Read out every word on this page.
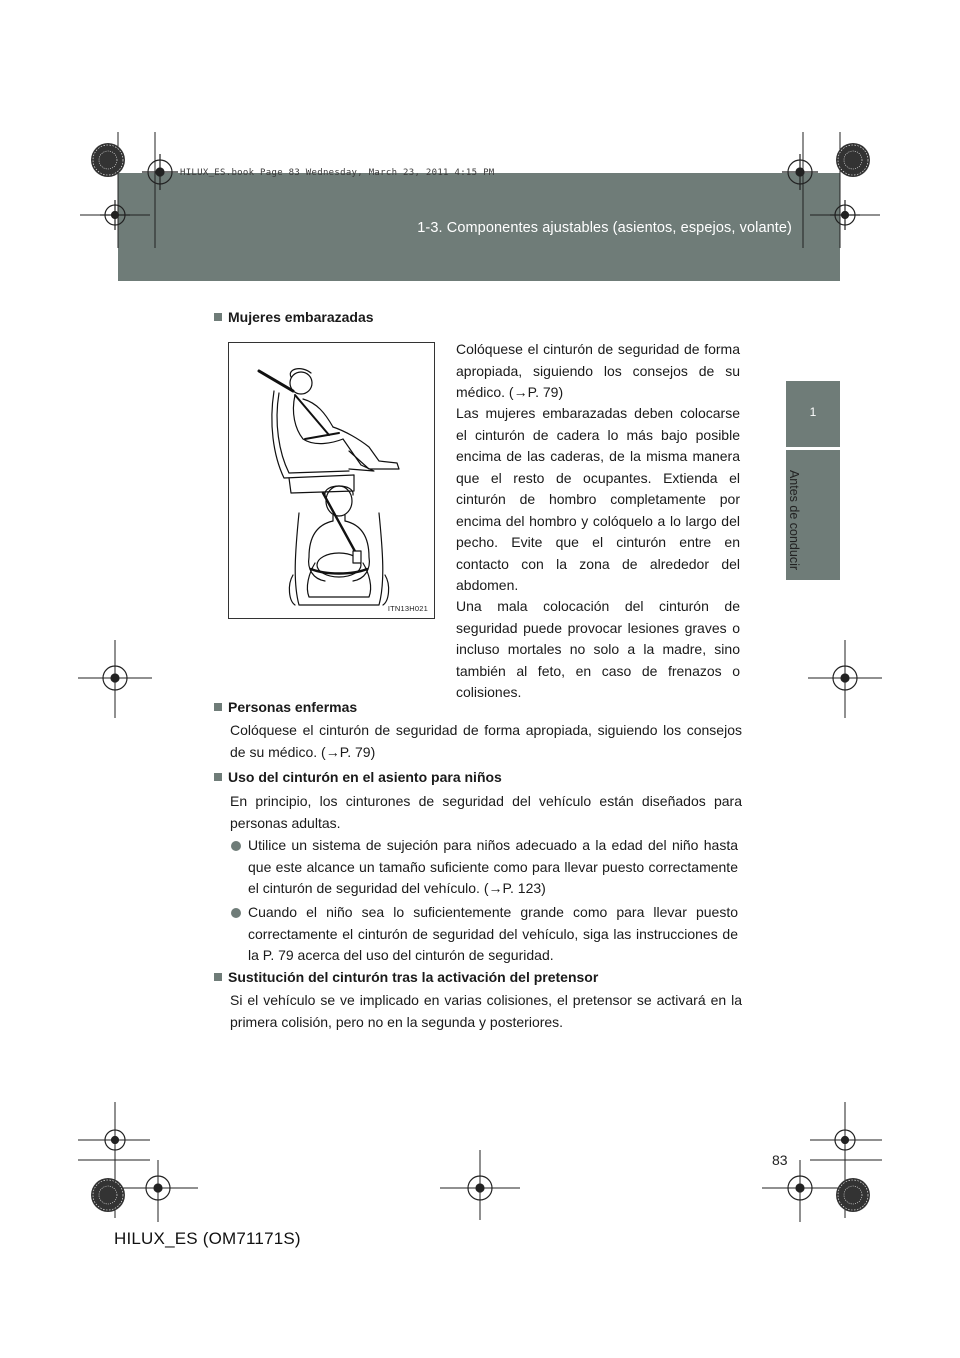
1-3. Componentes ajustables (asientos, espejos, volante)
HILUX_ES.book Page 83 Wednesday, March 23, 2011 4:15 PM
1
Antes de conducir
Mujeres embarazadas
ITN13H021
Colóquese el cinturón de seguridad de forma apropiada, siguiendo los consejos de su médico. (→P. 79)
Las mujeres embarazadas deben colocarse el cinturón de cadera lo más bajo posible encima de las caderas, de la misma manera que el resto de ocupantes. Extienda el cinturón de hombro completamente por encima del hombro y colóquelo a lo largo del pecho. Evite que el cinturón entre en contacto con la zona de alrededor del abdomen.
Una mala colocación del cinturón de seguridad puede provocar lesiones graves o incluso mortales no solo a la madre, sino también al feto, en caso de frenazos o colisiones.
Personas enfermas
Colóquese el cinturón de seguridad de forma apropiada, siguiendo los consejos de su médico. (→P. 79)
Uso del cinturón en el asiento para niños
En principio, los cinturones de seguridad del vehículo están diseñados para personas adultas.
Utilice un sistema de sujeción para niños adecuado a la edad del niño hasta que este alcance un tamaño suficiente como para llevar puesto correctamente el cinturón de seguridad del vehículo. (→P. 123)
Cuando el niño sea lo suficientemente grande como para llevar puesto correctamente el cinturón de seguridad del vehículo, siga las instrucciones de la P. 79 acerca del uso del cinturón de seguridad.
Sustitución del cinturón tras la activación del pretensor
Si el vehículo se ve implicado en varias colisiones, el pretensor se activará en la primera colisión, pero no en la segunda y posteriores.
83
HILUX_ES (OM71171S)
